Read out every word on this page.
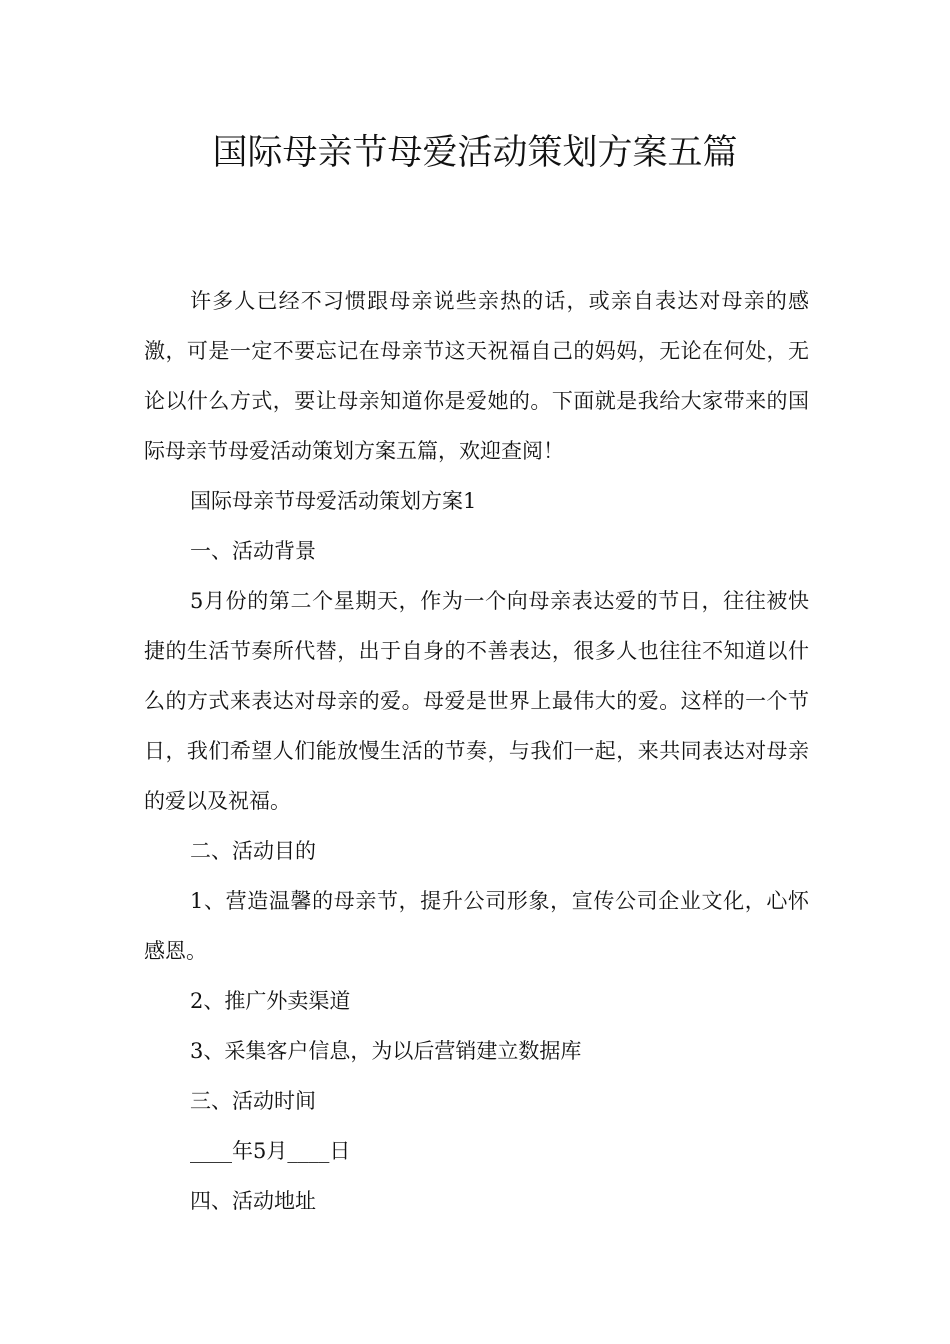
国际母亲节母爱活动策划方案五篇

许多人已经不习惯跟母亲说些亲热的话，或亲自表达对母亲的感激，可是一定不要忘记在母亲节这天祝福自己的妈妈，无论在何处，无论以什么方式，要让母亲知道你是爱她的。下面就是我给大家带来的国际母亲节母爱活动策划方案五篇，欢迎查阅！

国际母亲节母爱活动策划方案1

一、活动背景

5月份的第二个星期天，作为一个向母亲表达爱的节日，往往被快捷的生活节奏所代替，出于自身的不善表达，很多人也往往不知道以什么的方式来表达对母亲的爱。母爱是世界上最伟大的爱。这样的一个节日，我们希望人们能放慢生活的节奏，与我们一起，来共同表达对母亲的爱以及祝福。

二、活动目的

1、营造温馨的母亲节，提升公司形象，宣传公司企业文化，心怀感恩。

2、推广外卖渠道

3、采集客户信息，为以后营销建立数据库

三、活动时间

____年5月____日

四、活动地址
